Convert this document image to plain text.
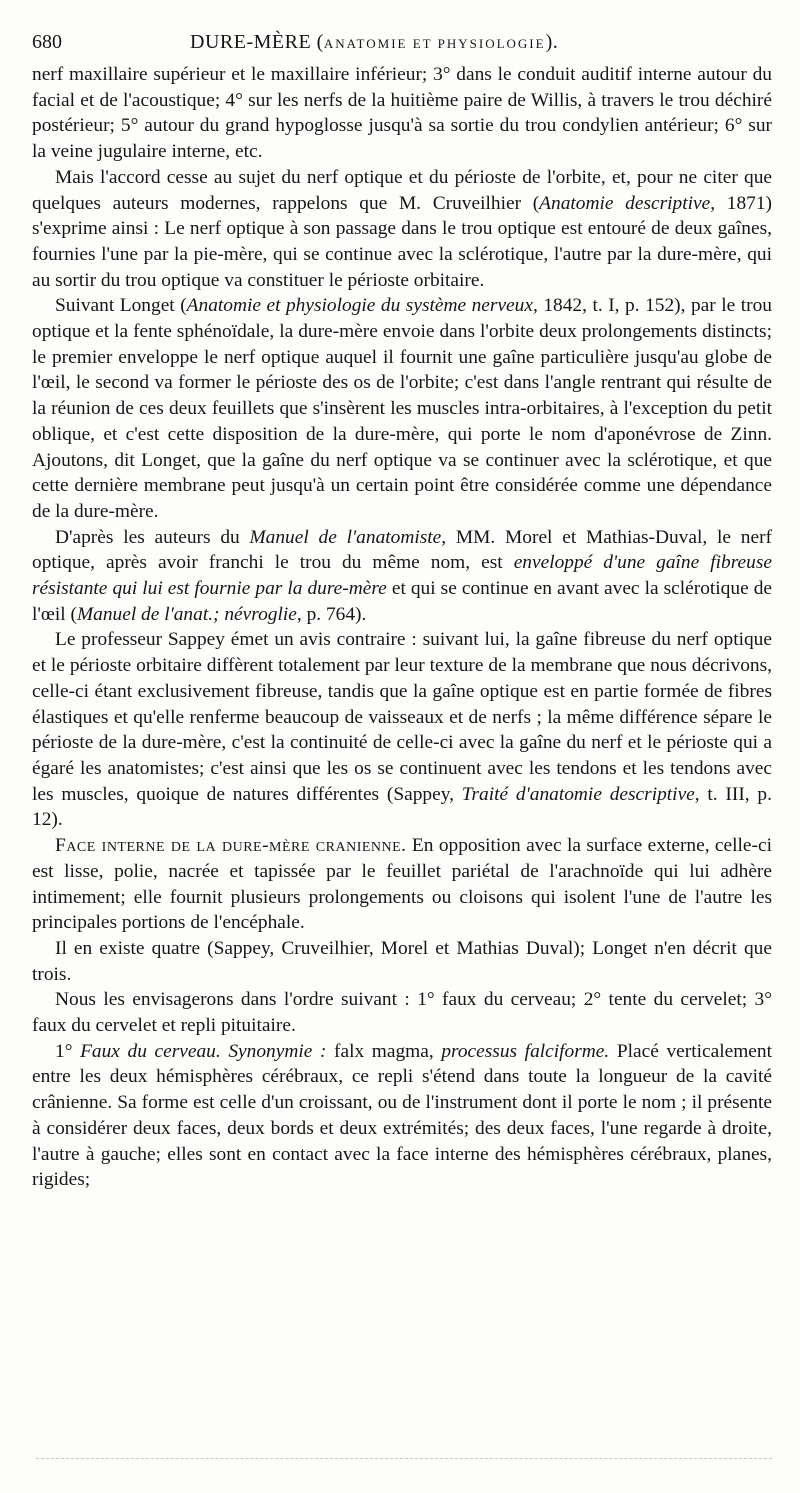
680	DURE-MÈRE (ANATOMIE ET PHYSIOLOGIE).

nerf maxillaire supérieur et le maxillaire inférieur; 3° dans le conduit auditif interne autour du facial et de l'acoustique; 4° sur les nerfs de la huitième paire de Willis, à travers le trou déchiré postérieur; 5° autour du grand hypoglosse jusqu'à sa sortie du trou condylien antérieur; 6° sur la veine jugulaire interne, etc.

Mais l'accord cesse au sujet du nerf optique et du périoste de l'orbite, et, pour ne citer que quelques auteurs modernes, rappelons que M. Cruveilhier (Anatomie descriptive, 1871) s'exprime ainsi : Le nerf optique à son passage dans le trou optique est entouré de deux gaînes, fournies l'une par la pie-mère, qui se continue avec la sclérotique, l'autre par la dure-mère, qui au sortir du trou optique va constituer le périoste orbitaire.

Suivant Longet (Anatomie et physiologie du système nerveux, 1842, t. I, p. 152), par le trou optique et la fente sphénoïdale, la dure-mère envoie dans l'orbite deux prolongements distincts; le premier enveloppe le nerf optique auquel il fournit une gaîne particulière jusqu'au globe de l'œil, le second va former le périoste des os de l'orbite; c'est dans l'angle rentrant qui résulte de la réunion de ces deux feuillets que s'insèrent les muscles intra-orbitaires, à l'exception du petit oblique, et c'est cette disposition de la dure-mère, qui porte le nom d'aponévrose de Zinn. Ajoutons, dit Longet, que la gaîne du nerf optique va se continuer avec la sclérotique, et que cette dernière membrane peut jusqu'à un certain point être considérée comme une dépendance de la dure-mère.

D'après les auteurs du Manuel de l'anatomiste, MM. Morel et Mathias-Duval, le nerf optique, après avoir franchi le trou du même nom, est enveloppé d'une gaîne fibreuse résistante qui lui est fournie par la dure-mère et qui se continue en avant avec la sclérotique de l'œil (Manuel de l'anat.; névroglie, p. 764).

Le professeur Sappey émet un avis contraire : suivant lui, la gaîne fibreuse du nerf optique et le périoste orbitaire diffèrent totalement par leur texture de la membrane que nous décrivons, celle-ci étant exclusivement fibreuse, tandis que la gaîne optique est en partie formée de fibres élastiques et qu'elle renferme beaucoup de vaisseaux et de nerfs ; la même différence sépare le périoste de la dure-mère, c'est la continuité de celle-ci avec la gaîne du nerf et le périoste qui a égaré les anatomistes; c'est ainsi que les os se continuent avec les tendons et les tendons avec les muscles, quoique de natures différentes (Sappey, Traité d'anatomie descriptive, t. III, p. 12).

Face interne de la dure-mère cranienne. En opposition avec la surface externe, celle-ci est lisse, polie, nacrée et tapissée par le feuillet pariétal de l'arachnoïde qui lui adhère intimement; elle fournit plusieurs prolongements ou cloisons qui isolent l'une de l'autre les principales portions de l'encéphale.

Il en existe quatre (Sappey, Cruveilhier, Morel et Mathias Duval); Longet n'en décrit que trois.

Nous les envisagerons dans l'ordre suivant : 1° faux du cerveau; 2° tente du cervelet; 3° faux du cervelet et repli pituitaire.

1° Faux du cerveau. Synonymie : falx magma, processus falciforme. Placé verticalement entre les deux hémisphères cérébraux, ce repli s'étend dans toute la longueur de la cavité crânienne. Sa forme est celle d'un croissant, ou de l'instrument dont il porte le nom ; il présente à considérer deux faces, deux bords et deux extrémités; des deux faces, l'une regarde à droite, l'autre à gauche; elles sont en contact avec la face interne des hémisphères cérébraux, planes, rigides;
